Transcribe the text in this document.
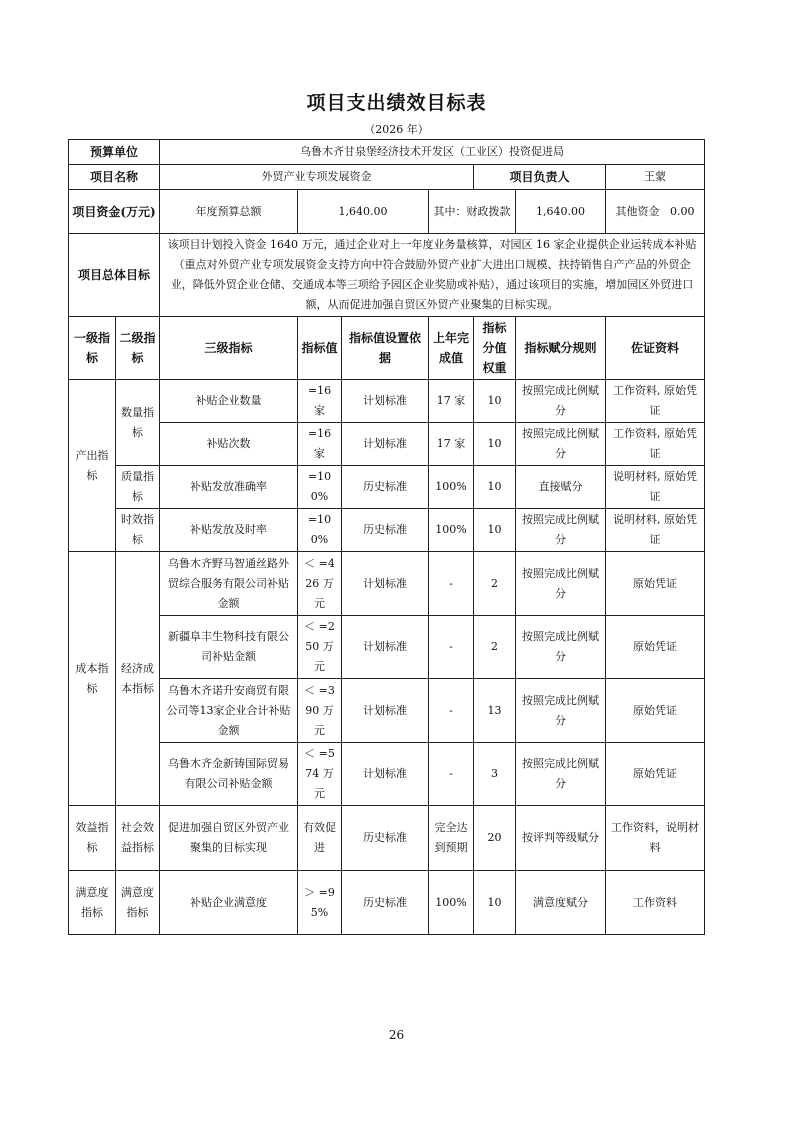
项目支出绩效目标表
（2026 年）
预算单位		乌鲁木齐甘泉堡经济技术开发区（工业区）投资促进局						
项目名称		外贸产业专项发展资金				项目负责人		王蒙
项目资金(万元)		年度预算总额	1,640.00		其中：财政拨款		1,640.00	其他资金 0.00
项目总体目标		该项目计划投入资金 1640 万元，通过企业对上一年度业务量核算，对园区 16 家企业提供企业运转成本补贴（重点对外贸产业专项发展资金支持方向中符合鼓励外贸产业扩大进出口规模、扶持销售自产产品的外贸企业，降低外贸企业仓储、交通成本等三项给予园区企业奖励或补贴），通过该项目的实施，增加园区外贸进口额，从而促进加强自贸区外贸产业聚集的目标实现。						
一级指标	二级指标	三级指标	指标值	指标值设置依据	上年完成值	指标分值权重	指标赋分规则	佐证资料
产出指标	数量指标	补贴企业数量	=16 家	计划标准	17 家	10	按照完成比例赋分	工作资料, 原始凭证
		补贴次数	=16 家	计划标准	17 家	10	按照完成比例赋分	工作资料, 原始凭证
	质量指标	补贴发放准确率	=100%	历史标准	100%	10	直接赋分	说明材料, 原始凭证
	时效指标	补贴发放及时率	=100%	历史标准	100%	10	按照完成比例赋分	说明材料, 原始凭证
成本指标	经济成本指标	乌鲁木齐野马智通丝路外贸综合服务有限公司补贴金额	＜ =426 万元	计划标准	-	2	按照完成比例赋分	原始凭证
		新疆阜丰生物科技有限公司补贴金额	＜ =250 万元	计划标准	-	2	按照完成比例赋分	原始凭证
		乌鲁木齐诺升安商贸有限公司等13家企业合计补贴金额	＜ =390 万元	计划标准	-	13	按照完成比例赋分	原始凭证
		乌鲁木齐金新铸国际贸易有限公司补贴金额	＜ =574 万元	计划标准	-	3	按照完成比例赋分	原始凭证
效益指标	社会效益指标	促进加强自贸区外贸产业聚集的目标实现	有效促进	历史标准	完全达到预期	20	按评判等级赋分	工作资料，说明材料
满意度指标	满意度指标	补贴企业满意度	＞ =95%	历史标准	100%	10	满意度赋分	工作资料
26
